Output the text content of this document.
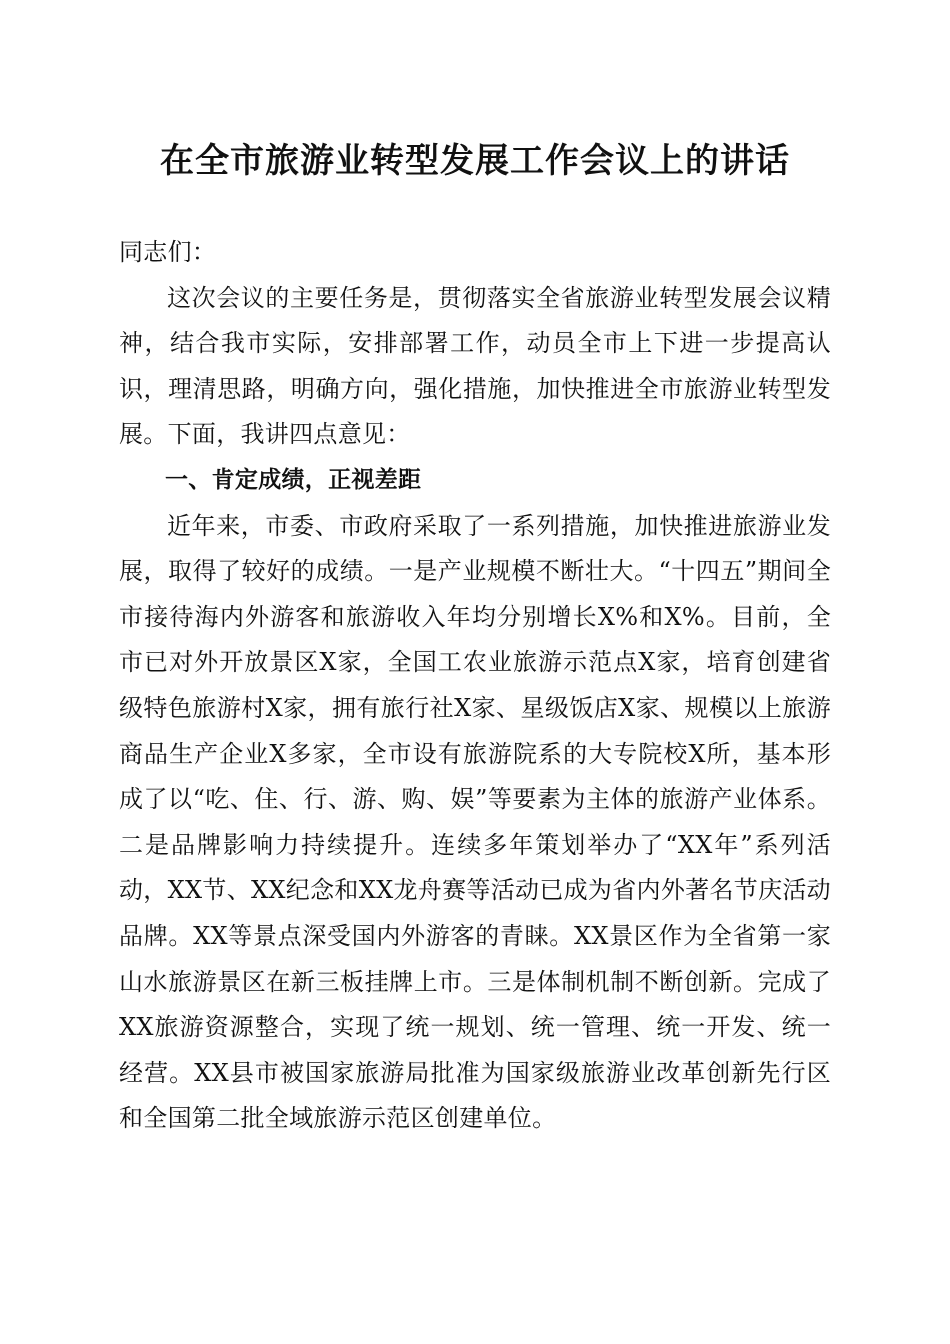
在全市旅游业转型发展工作会议上的讲话

同志们：

这次会议的主要任务是，贯彻落实全省旅游业转型发展会议精神，结合我市实际，安排部署工作，动员全市上下进一步提高认识，理清思路，明确方向，强化措施，加快推进全市旅游业转型发展。下面，我讲四点意见：

一、肯定成绩，正视差距

近年来，市委、市政府采取了一系列措施，加快推进旅游业发展，取得了较好的成绩。一是产业规模不断壮大。“十四五”期间全市接待海内外游客和旅游收入年均分别增长X%和X%。目前，全市已对外开放景区X家，全国工农业旅游示范点X家，培育创建省级特色旅游村X家，拥有旅行社X家、星级饭店X家、规模以上旅游商品生产企业X多家，全市设有旅游院系的大专院校X所，基本形成了以“吃、住、行、游、购、娱”等要素为主体的旅游产业体系。二是品牌影响力持续提升。连续多年策划举办了“XX年”系列活动，XX节、XX纪念和XX龙舟赛等活动已成为省内外著名节庆活动品牌。XX等景点深受国内外游客的青睐。XX景区作为全省第一家山水旅游景区在新三板挂牌上市。三是体制机制不断创新。完成了XX旅游资源整合，实现了统一规划、统一管理、统一开发、统一经营。XX县市被国家旅游局批准为国家级旅游业改革创新先行区和全国第二批全域旅游示范区创建单位。
